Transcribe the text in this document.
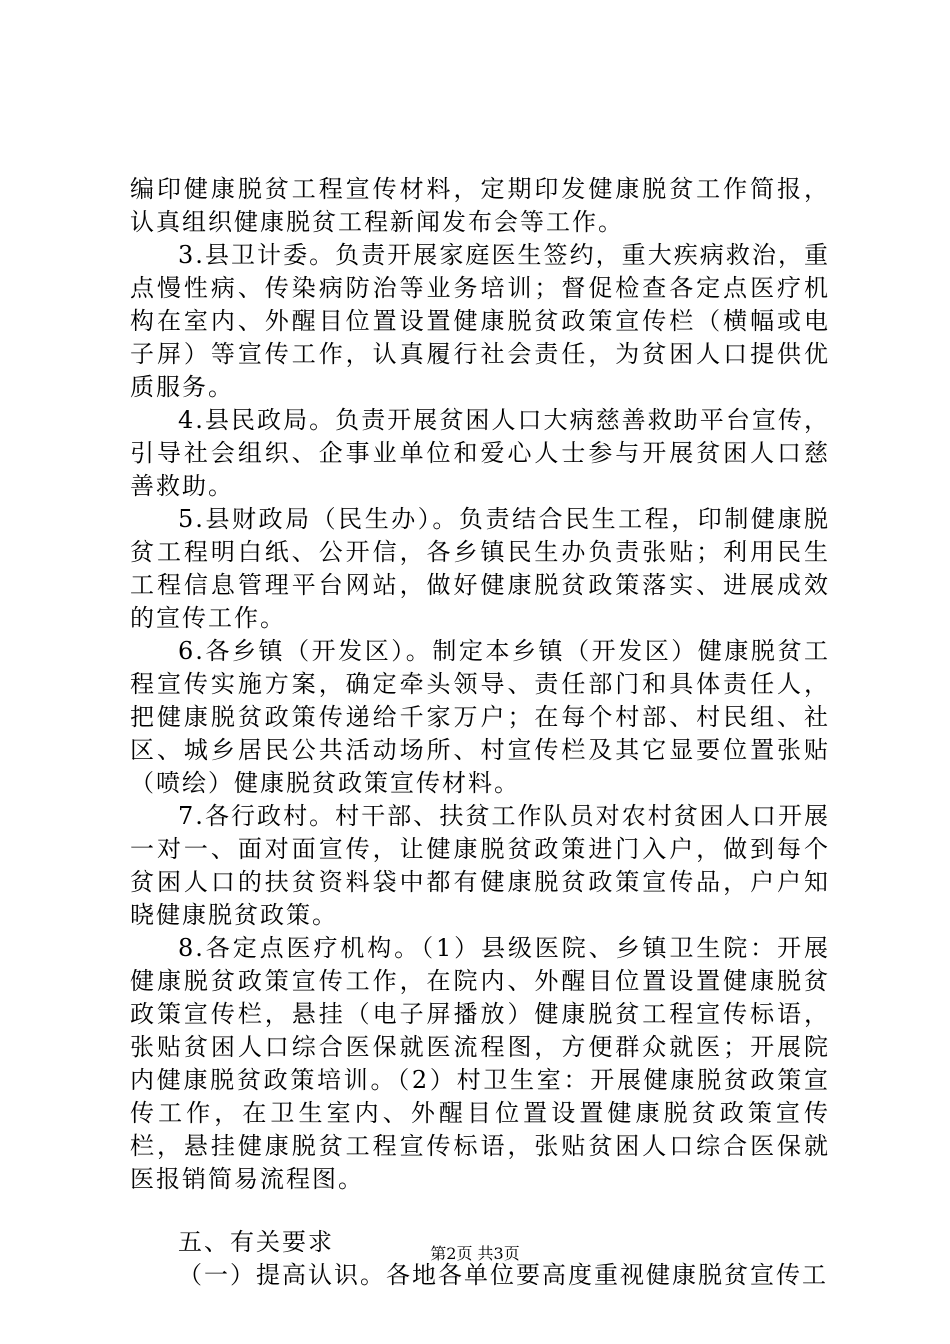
编印健康脱贫工程宣传材料，定期印发健康脱贫工作简报，认真组织健康脱贫工程新闻发布会等工作。

3.县卫计委。负责开展家庭医生签约，重大疾病救治，重点慢性病、传染病防治等业务培训；督促检查各定点医疗机构在室内、外醒目位置设置健康脱贫政策宣传栏（横幅或电子屏）等宣传工作，认真履行社会责任，为贫困人口提供优质服务。

4.县民政局。负责开展贫困人口大病慈善救助平台宣传，引导社会组织、企事业单位和爱心人士参与开展贫困人口慈善救助。

5.县财政局（民生办）。负责结合民生工程，印制健康脱贫工程明白纸、公开信，各乡镇民生办负责张贴；利用民生工程信息管理平台网站，做好健康脱贫政策落实、进展成效的宣传工作。

6.各乡镇（开发区）。制定本乡镇（开发区）健康脱贫工程宣传实施方案，确定牵头领导、责任部门和具体责任人，把健康脱贫政策传递给千家万户；在每个村部、村民组、社区、城乡居民公共活动场所、村宣传栏及其它显要位置张贴（喷绘）健康脱贫政策宣传材料。

7.各行政村。村干部、扶贫工作队员对农村贫困人口开展一对一、面对面宣传，让健康脱贫政策进门入户，做到每个贫困人口的扶贫资料袋中都有健康脱贫政策宣传品，户户知晓健康脱贫政策。

8.各定点医疗机构。（1）县级医院、乡镇卫生院：开展健康脱贫政策宣传工作，在院内、外醒目位置设置健康脱贫政策宣传栏，悬挂（电子屏播放）健康脱贫工程宣传标语，张贴贫困人口综合医保就医流程图，方便群众就医；开展院内健康脱贫政策培训。（2）村卫生室：开展健康脱贫政策宣传工作，在卫生室内、外醒目位置设置健康脱贫政策宣传栏，悬挂健康脱贫工程宣传标语，张贴贫困人口综合医保就医报销简易流程图。

五、有关要求

（一）提高认识。各地各单位要高度重视健康脱贫宣传工

第2页 共3页
